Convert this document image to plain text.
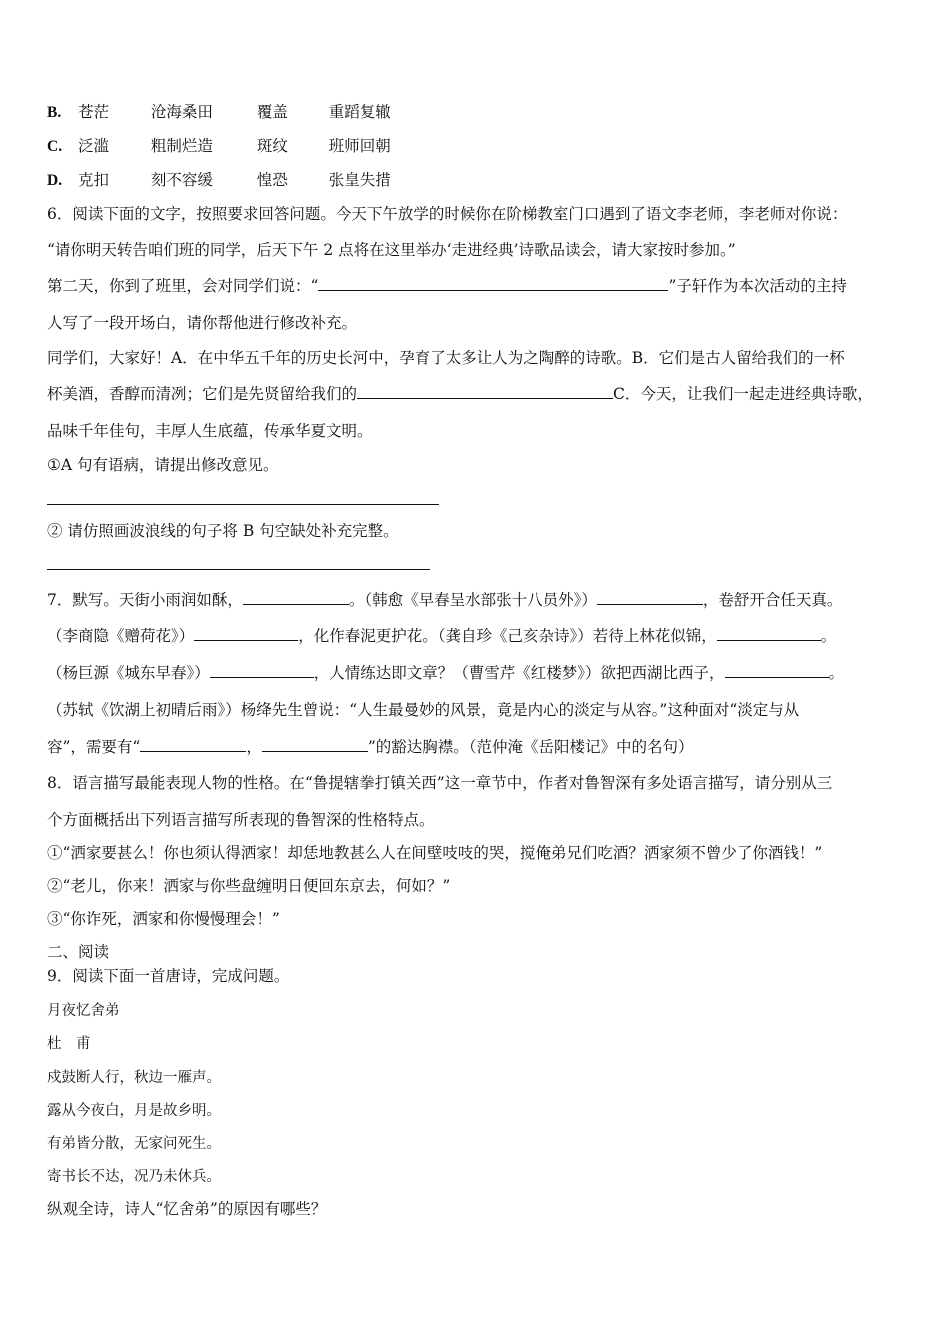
B. 苍茫	沧海桑田	覆盖	重蹈复辙
C. 泛滥	粗制烂造	斑纹	班师回朝
D. 克扣	刻不容缓	惶恐	张皇失措
6．阅读下面的文字，按照要求回答问题。今天下午放学的时候你在阶梯教室门口遇到了语文李老师，李老师对你说：
“请你明天转告咱们班的同学，后天下午 2 点将在这里举办‘走进经典’诗歌品读会，请大家按时参加。”
第二天，你到了班里，会对同学们说：“	”子轩作为本次活动的主持
人写了一段开场白，请你帮他进行修改补充。
同学们，大家好！A．在中华五千年的历史长河中，孕育了太多让人为之陶醉的诗歌。B．它们是古人留给我们的一杯
杯美酒，香醇而清冽；它们是先贤留给我们的	C．今天，让我们一起走进经典诗歌，
品味千年佳句，丰厚人生底蕴，传承华夏文明。
①A 句有语病，请提出修改意见。
② 请仿照画波浪线的句子将 B 句空缺处补充完整。
7．默写。天街小雨润如酥，	。（韩愈《早春呈水部张十八员外》）	，卷舒开合任天真。
（李商隐《赠荷花》）	，化作春泥更护花。（龚自珍《己亥杂诗》）若待上林花似锦，	。
（杨巨源《城东早春》）	，人情练达即文章？（曹雪芹《红楼梦》）欲把西湖比西子，	。
（苏轼《饮湖上初晴后雨》）杨绛先生曾说：“人生最曼妙的风景，竟是内心的淡定与从容。”这种面对“淡定与从
容”，需要有“	，	”的豁达胸襟。（范仲淹《岳阳楼记》中的名句）
8．语言描写最能表现人物的性格。在“鲁提辖拳打镇关西”这一章节中，作者对鲁智深有多处语言描写，请分别从三
个方面概括出下列语言描写所表现的鲁智深的性格特点。
①“洒家要甚么！你也须认得洒家！却恁地教甚么人在间壁吱吱的哭，搅俺弟兄们吃酒？洒家须不曾少了你酒钱！”
②“老儿，你来！洒家与你些盘缠明日便回东京去，何如？”
③“你诈死，洒家和你慢慢理会！”
二、阅读
9．阅读下面一首唐诗，完成问题。
月夜忆舍弟
杜　甫
戍鼓断人行，秋边一雁声。
露从今夜白，月是故乡明。
有弟皆分散，无家问死生。
寄书长不达，况乃未休兵。
纵观全诗，诗人“忆舍弟”的原因有哪些？
